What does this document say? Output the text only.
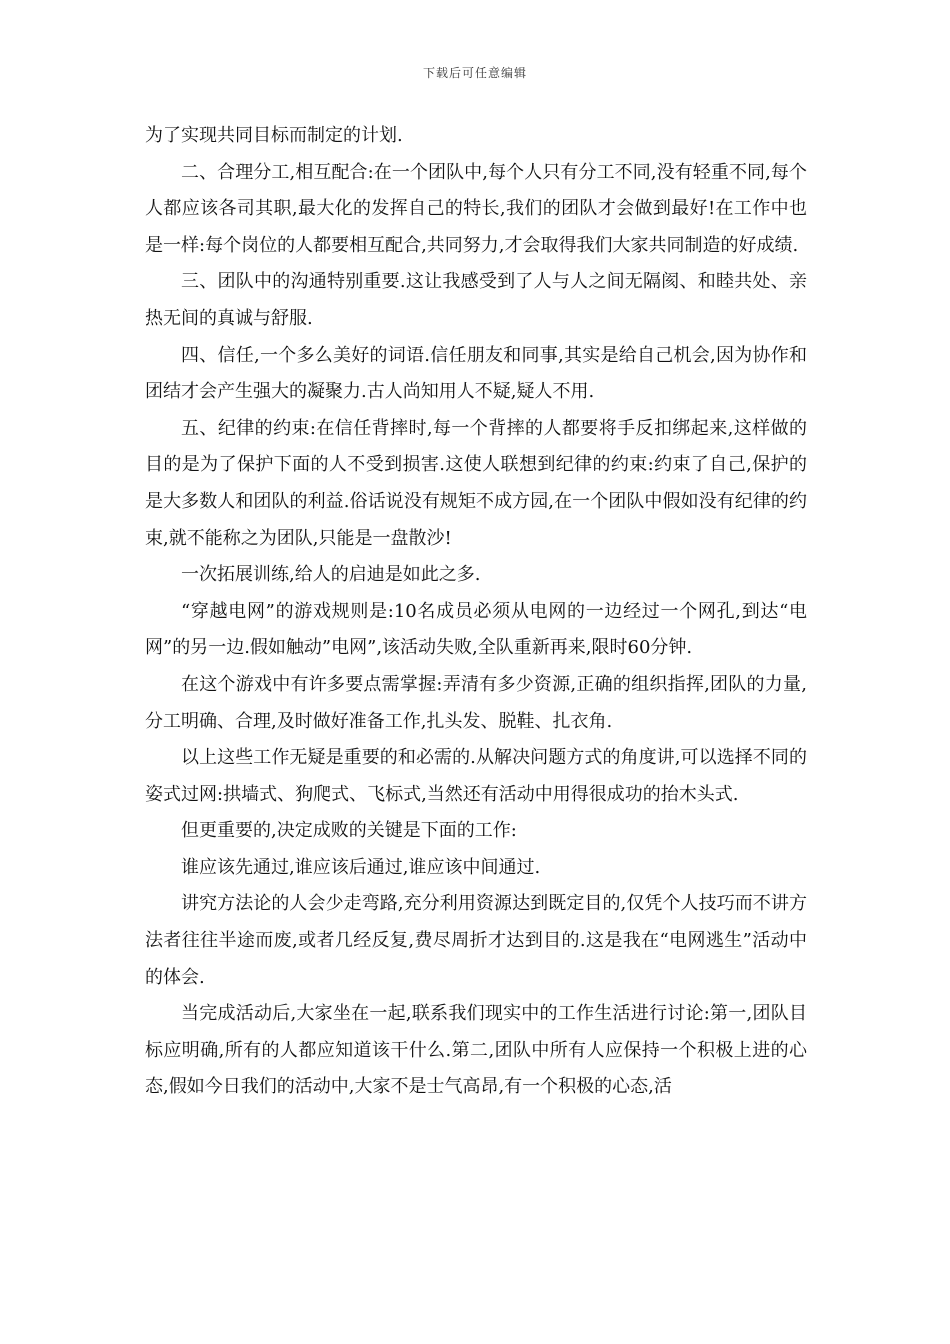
下载后可任意编辑

为了实现共同目标而制定的计划.

二、合理分工,相互配合:在一个团队中,每个人只有分工不同,没有轻重不同,每个人都应该各司其职,最大化的发挥自己的特长,我们的团队才会做到最好!在工作中也是一样:每个岗位的人都要相互配合,共同努力,才会取得我们大家共同制造的好成绩.

三、团队中的沟通特别重要.这让我感受到了人与人之间无隔阂、和睦共处、亲热无间的真诚与舒服.

四、信任,一个多么美好的词语.信任朋友和同事,其实是给自己机会,因为协作和团结才会产生强大的凝聚力.古人尚知用人不疑,疑人不用.

五、纪律的约束:在信任背摔时,每一个背摔的人都要将手反扣绑起来,这样做的目的是为了保护下面的人不受到损害.这使人联想到纪律的约束:约束了自己,保护的是大多数人和团队的利益.俗话说没有规矩不成方园,在一个团队中假如没有纪律的约束,就不能称之为团队,只能是一盘散沙!

一次拓展训练,给人的启迪是如此之多.

“穿越电网”的游戏规则是:10名成员必须从电网的一边经过一个网孔,到达“电网”的另一边.假如触动”电网”,该活动失败,全队重新再来,限时60分钟.

在这个游戏中有许多要点需掌握:弄清有多少资源,正确的组织指挥,团队的力量,分工明确、合理,及时做好准备工作,扎头发、脱鞋、扎衣角.

以上这些工作无疑是重要的和必需的.从解决问题方式的角度讲,可以选择不同的姿式过网:拱墙式、狗爬式、飞标式,当然还有活动中用得很成功的抬木头式.

但更重要的,决定成败的关键是下面的工作:

谁应该先通过,谁应该后通过,谁应该中间通过.

讲究方法论的人会少走弯路,充分利用资源达到既定目的,仅凭个人技巧而不讲方法者往往半途而废,或者几经反复,费尽周折才达到目的.这是我在“电网逃生”活动中的体会.

当完成活动后,大家坐在一起,联系我们现实中的工作生活进行讨论:第一,团队目标应明确,所有的人都应知道该干什么.第二,团队中所有人应保持一个积极上进的心态,假如今日我们的活动中,大家不是士气高昂,有一个积极的心态,活
